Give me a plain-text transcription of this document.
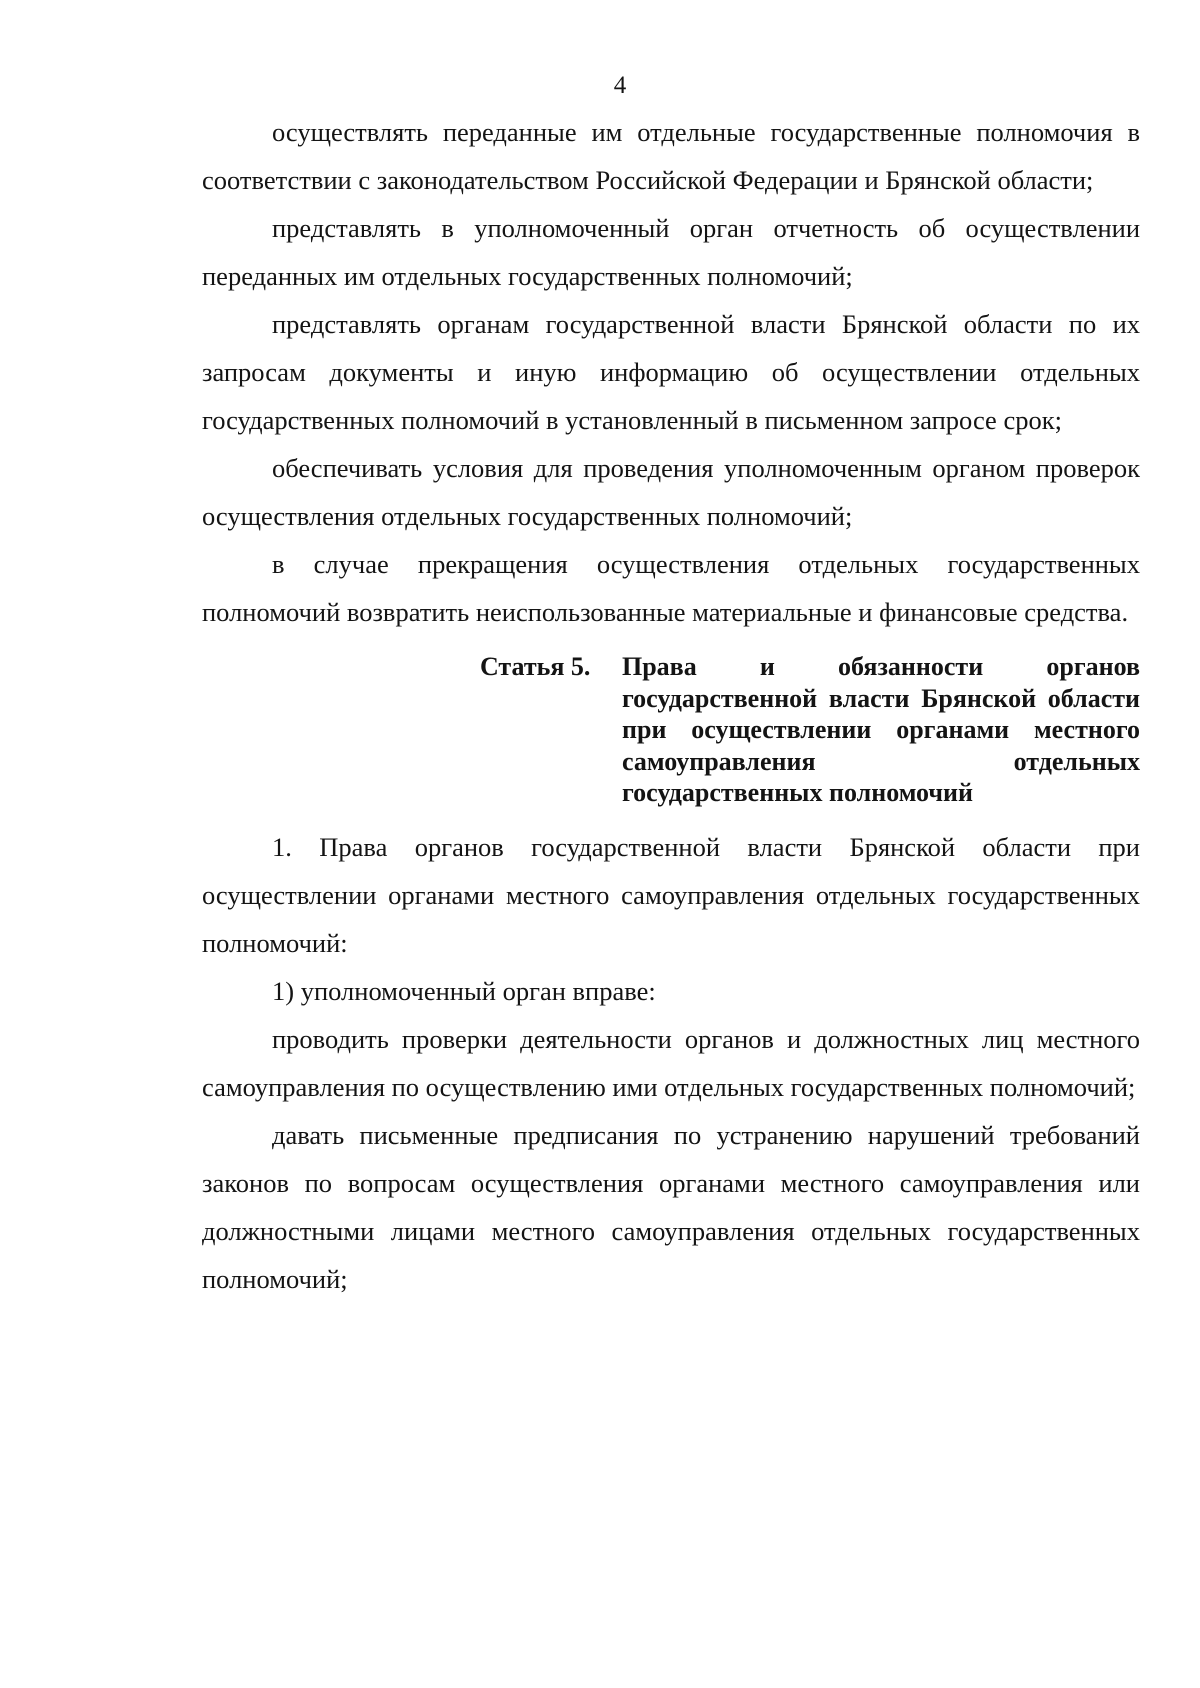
4

осуществлять переданные им отдельные государственные полномочия в соответствии с законодательством Российской Федерации и Брянской области;

представлять в уполномоченный орган отчетность об осуществлении переданных им отдельных государственных полномочий;

представлять органам государственной власти Брянской области по их запросам документы и иную информацию об осуществлении отдельных государственных полномочий в установленный в письменном запросе срок;

обеспечивать условия для проведения уполномоченным органом проверок осуществления отдельных государственных полномочий;

в случае прекращения осуществления отдельных государственных полномочий возвратить неиспользованные материальные и финансовые средства.

Статья 5. Права и обязанности органов государственной власти Брянской области при осуществлении органами местного самоуправления отдельных государственных полномочий

1. Права органов государственной власти Брянской области при осуществлении органами местного самоуправления отдельных государственных полномочий:

1) уполномоченный орган вправе:

проводить проверки деятельности органов и должностных лиц местного самоуправления по осуществлению ими отдельных государственных полномочий;

давать письменные предписания по устранению нарушений требований законов по вопросам осуществления органами местного самоуправления или должностными лицами местного самоуправления отдельных государственных полномочий;
